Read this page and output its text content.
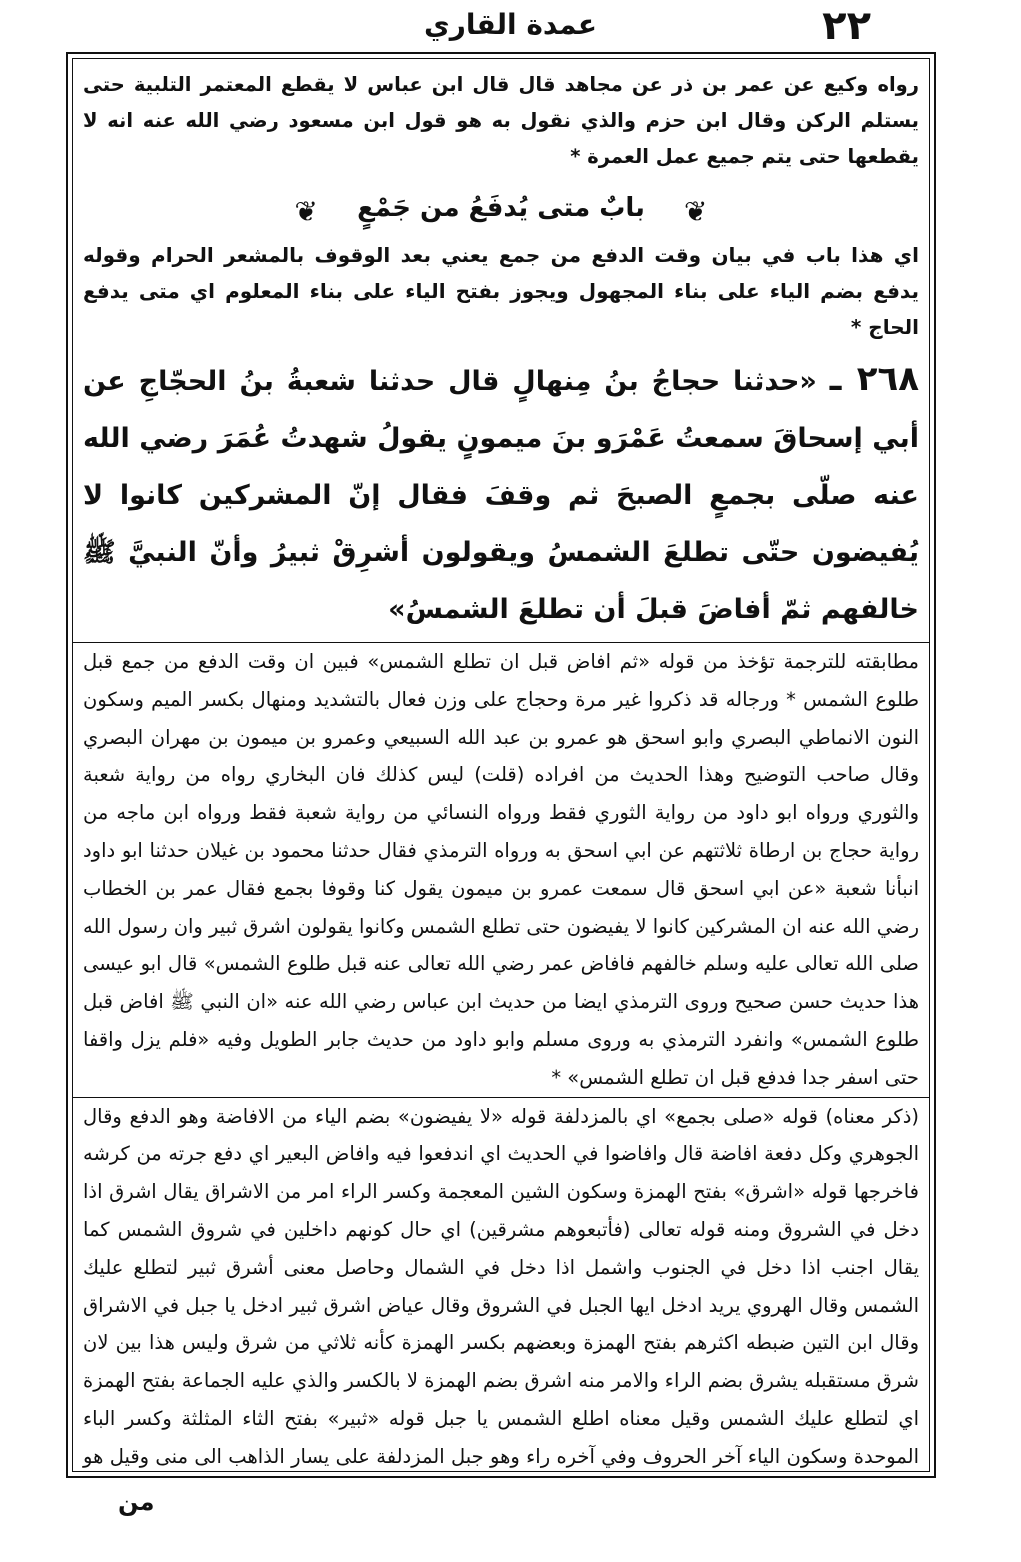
۲۲
عمدة القاري

رواه وكيع عن عمر بن ذر عن مجاهد قال قال ابن عباس لا يقطع المعتمر التلبية حتى يستلم الركن وقال ابن حزم والذي نقول به هو قول ابن مسعود رضي الله عنه انه لا يقطعها حتى يتم جميع عمل العمرة *

❦ بابٌ متى يُدفَعُ من جَمْعٍ ❦

اي هذا باب في بيان وقت الدفع من جمع يعني بعد الوقوف بالمشعر الحرام وقوله يدفع بضم الياء على بناء المجهول ويجوز بفتح الياء على بناء المعلوم اي متى يدفع الحاج *

۲٦٨ ـ «حدثنا حجاجُ بنُ مِنهالٍ قال حدثنا شعبةُ بنُ الحجّاجِ عن أبي إسحاقَ سمعتُ عَمْرَو بنَ ميمونٍ يقولُ شهدتُ عُمَرَ رضي الله عنه صلّى بجمعٍ الصبحَ ثم وقفَ فقال إنّ المشركين كانوا لا يُفيضون حتّى تطلعَ الشمسُ ويقولون أشرِقْ ثبيرُ وأنّ النبيَّ ﷺ خالفهم ثمّ أفاضَ قبلَ أن تطلعَ الشمسُ»

مطابقته للترجمة تؤخذ من قوله «ثم افاض قبل ان تطلع الشمس» فبين ان وقت الدفع من جمع قبل طلوع الشمس * ورجاله قد ذكروا غير مرة وحجاج على وزن فعال بالتشديد ومنهال بكسر الميم وسكون النون الانماطي البصري وابو اسحق هو عمرو بن عبد الله السبيعي وعمرو بن ميمون بن مهران البصري وقال صاحب التوضيح وهذا الحديث من افراده (قلت) ليس كذلك فان البخاري رواه من رواية شعبة والثوري ورواه ابو داود من رواية الثوري فقط ورواه النسائي من رواية شعبة فقط ورواه ابن ماجه من رواية حجاج بن ارطاة ثلاثتهم عن ابي اسحق به ورواه الترمذي فقال حدثنا محمود بن غيلان حدثنا ابو داود انبأنا شعبة «عن ابي اسحق قال سمعت عمرو بن ميمون يقول كنا وقوفا بجمع فقال عمر بن الخطاب رضي الله عنه ان المشركين كانوا لا يفيضون حتى تطلع الشمس وكانوا يقولون اشرق ثبير وان رسول الله صلى الله تعالى عليه وسلم خالفهم فافاض عمر رضي الله تعالى عنه قبل طلوع الشمس» قال ابو عيسى هذا حديث حسن صحيح وروى الترمذي ايضا من حديث ابن عباس رضي الله عنه «ان النبي ﷺ افاض قبل طلوع الشمس» وانفرد الترمذي به وروى مسلم وابو داود من حديث جابر الطويل وفيه «فلم يزل واقفا حتى اسفر جدا فدفع قبل ان تطلع الشمس» *

(ذكر معناه) قوله «صلى بجمع» اي بالمزدلفة قوله «لا يفيضون» بضم الياء من الافاضة وهو الدفع وقال الجوهري وكل دفعة افاضة قال وافاضوا في الحديث اي اندفعوا فيه وافاض البعير اي دفع جرته من كرشه فاخرجها قوله «اشرق» بفتح الهمزة وسكون الشين المعجمة وكسر الراء امر من الاشراق يقال اشرق اذا دخل في الشروق ومنه قوله تعالى (فأتبعوهم مشرقين) اي حال كونهم داخلين في شروق الشمس كما يقال اجنب اذا دخل في الجنوب واشمل اذا دخل في الشمال وحاصل معنى أشرق ثبير لتطلع عليك الشمس وقال الهروي يريد ادخل ايها الجبل في الشروق وقال عياض اشرق ثبير ادخل يا جبل في الاشراق وقال ابن التين ضبطه اكثرهم بفتح الهمزة وبعضهم بكسر الهمزة كأنه ثلاثي من شرق وليس هذا بين لان شرق مستقبله يشرق بضم الراء والامر منه اشرق بضم الهمزة لا بالكسر والذي عليه الجماعة بفتح الهمزة اي لتطلع عليك الشمس وقيل معناه اطلع الشمس يا جبل قوله «ثبير» بفتح الثاء المثلثة وكسر الباء الموحدة وسكون الياء آخر الحروف وفي آخره راء وهو جبل المزدلفة على يسار الذاهب الى منى وقيل هو

من
